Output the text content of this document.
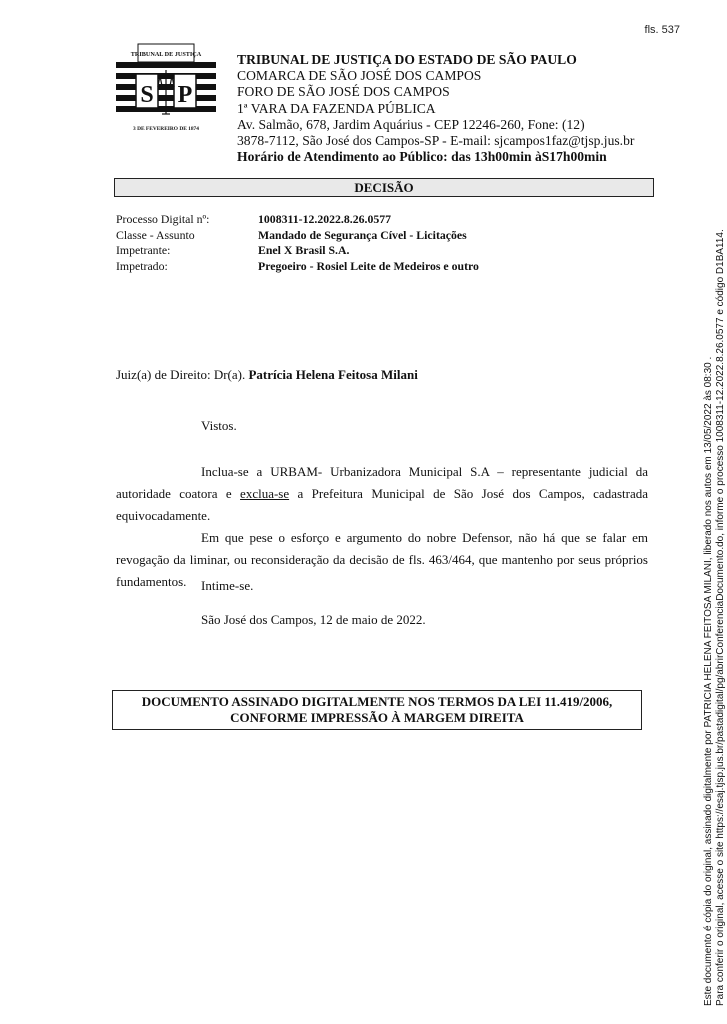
fls. 537
TRIBUNAL DE JUSTIÇA
S P
3 DE FEVEREIRO DE 1874
TRIBUNAL DE JUSTIÇA DO ESTADO DE SÃO PAULO
COMARCA DE SÃO JOSÉ DOS CAMPOS
FORO DE SÃO JOSÉ DOS CAMPOS
1ª VARA DA FAZENDA PÚBLICA
Av. Salmão, 678, Jardim Aquárius - CEP 12246-260, Fone: (12)
3878-7112, São José dos Campos-SP - E-mail: sjcampos1faz@tjsp.jus.br
Horário de Atendimento ao Público: das 13h00min àS17h00min
DECISÃO
Processo Digital nº:	1008311-12.2022.8.26.0577
Classe - Assunto	Mandado de Segurança Cível - Licitações
Impetrante:	Enel X Brasil S.A.
Impetrado:	Pregoeiro - Rosiel Leite de Medeiros e outro
Juiz(a) de Direito: Dr(a). Patrícia Helena Feitosa Milani
Vistos.
Inclua-se a URBAM- Urbanizadora Municipal S.A – representante judicial da autoridade coatora e exclua-se a Prefeitura Municipal de São José dos Campos, cadastrada equivocadamente.
Em que pese o esforço e argumento do nobre Defensor, não há que se falar em revogação da liminar, ou reconsideração da decisão de fls. 463/464, que mantenho por seus próprios fundamentos.	Intime-se.
São José dos Campos, 12 de maio de 2022.
DOCUMENTO ASSINADO DIGITALMENTE NOS TERMOS DA LEI 11.419/2006,
CONFORME IMPRESSÃO À MARGEM DIREITA	Este documento é cópia do original, assinado digitalmente por PATRICIA HELENA FEITOSA MILANI, liberado nos autos em 13/05/2022 às 08:30 . Para conferir o original, acesse o site https://esaj.tjsp.jus.br/pastadigital/pg/abrirConferenciaDocumento.do, informe o processo 1008311-12.2022.8.26.0577 e código D1BA114.
